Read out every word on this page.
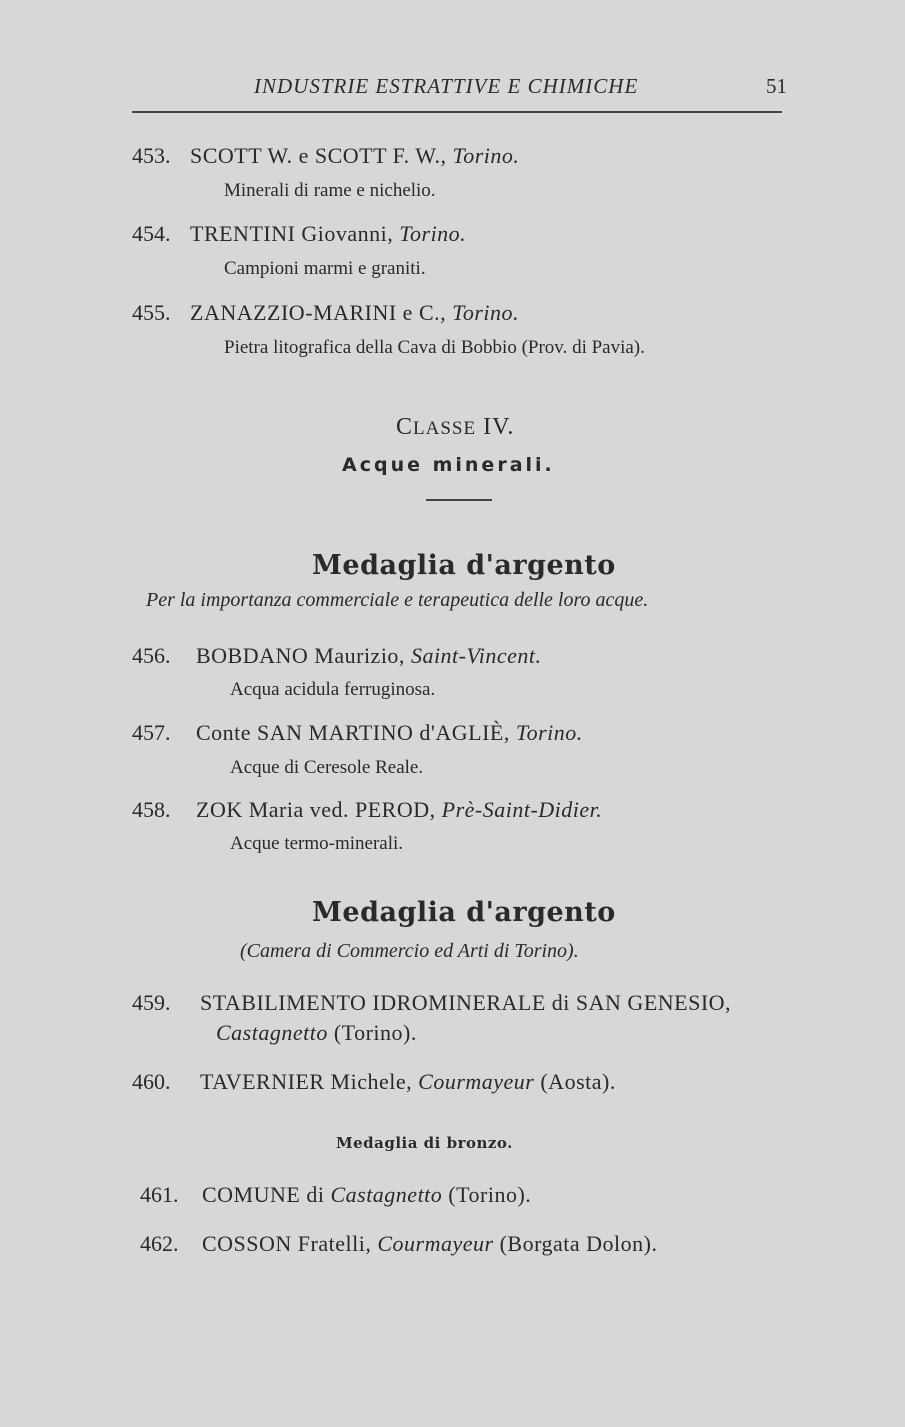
INDUSTRIE ESTRATTIVE E CHIMICHE	51
453. SCOTT W. e SCOTT F. W., Torino.
Minerali di rame e nichelio.
454. TRENTINI Giovanni, Torino.
Campioni marmi e graniti.
455. ZANAZZIO-MARINI e C., Torino.
Pietra litografica della Cava di Bobbio (Prov. di Pavia).
CLASSE IV.
Acque minerali.
Medaglia d'argento
Per la importanza commerciale e terapeutica delle loro acque.
456. BOBDANO Maurizio, Saint-Vincent.
Acqua acidula ferruginosa.
457. Conte SAN MARTINO d'AGLIÈ, Torino.
Acque di Ceresole Reale.
458. ZOK Maria ved. PEROD, Prè-Saint-Didier.
Acque termo-minerali.
Medaglia d'argento
(Camera di Commercio ed Arti di Torino).
459. STABILIMENTO IDROMINERALE di SAN GENESIO,
Castagnetto (Torino).
460. TAVERNIER Michele, Courmayeur (Aosta).
Medaglia di bronzo.
461. COMUNE di Castagnetto (Torino).
462. COSSON Fratelli, Courmayeur (Borgata Dolon).
